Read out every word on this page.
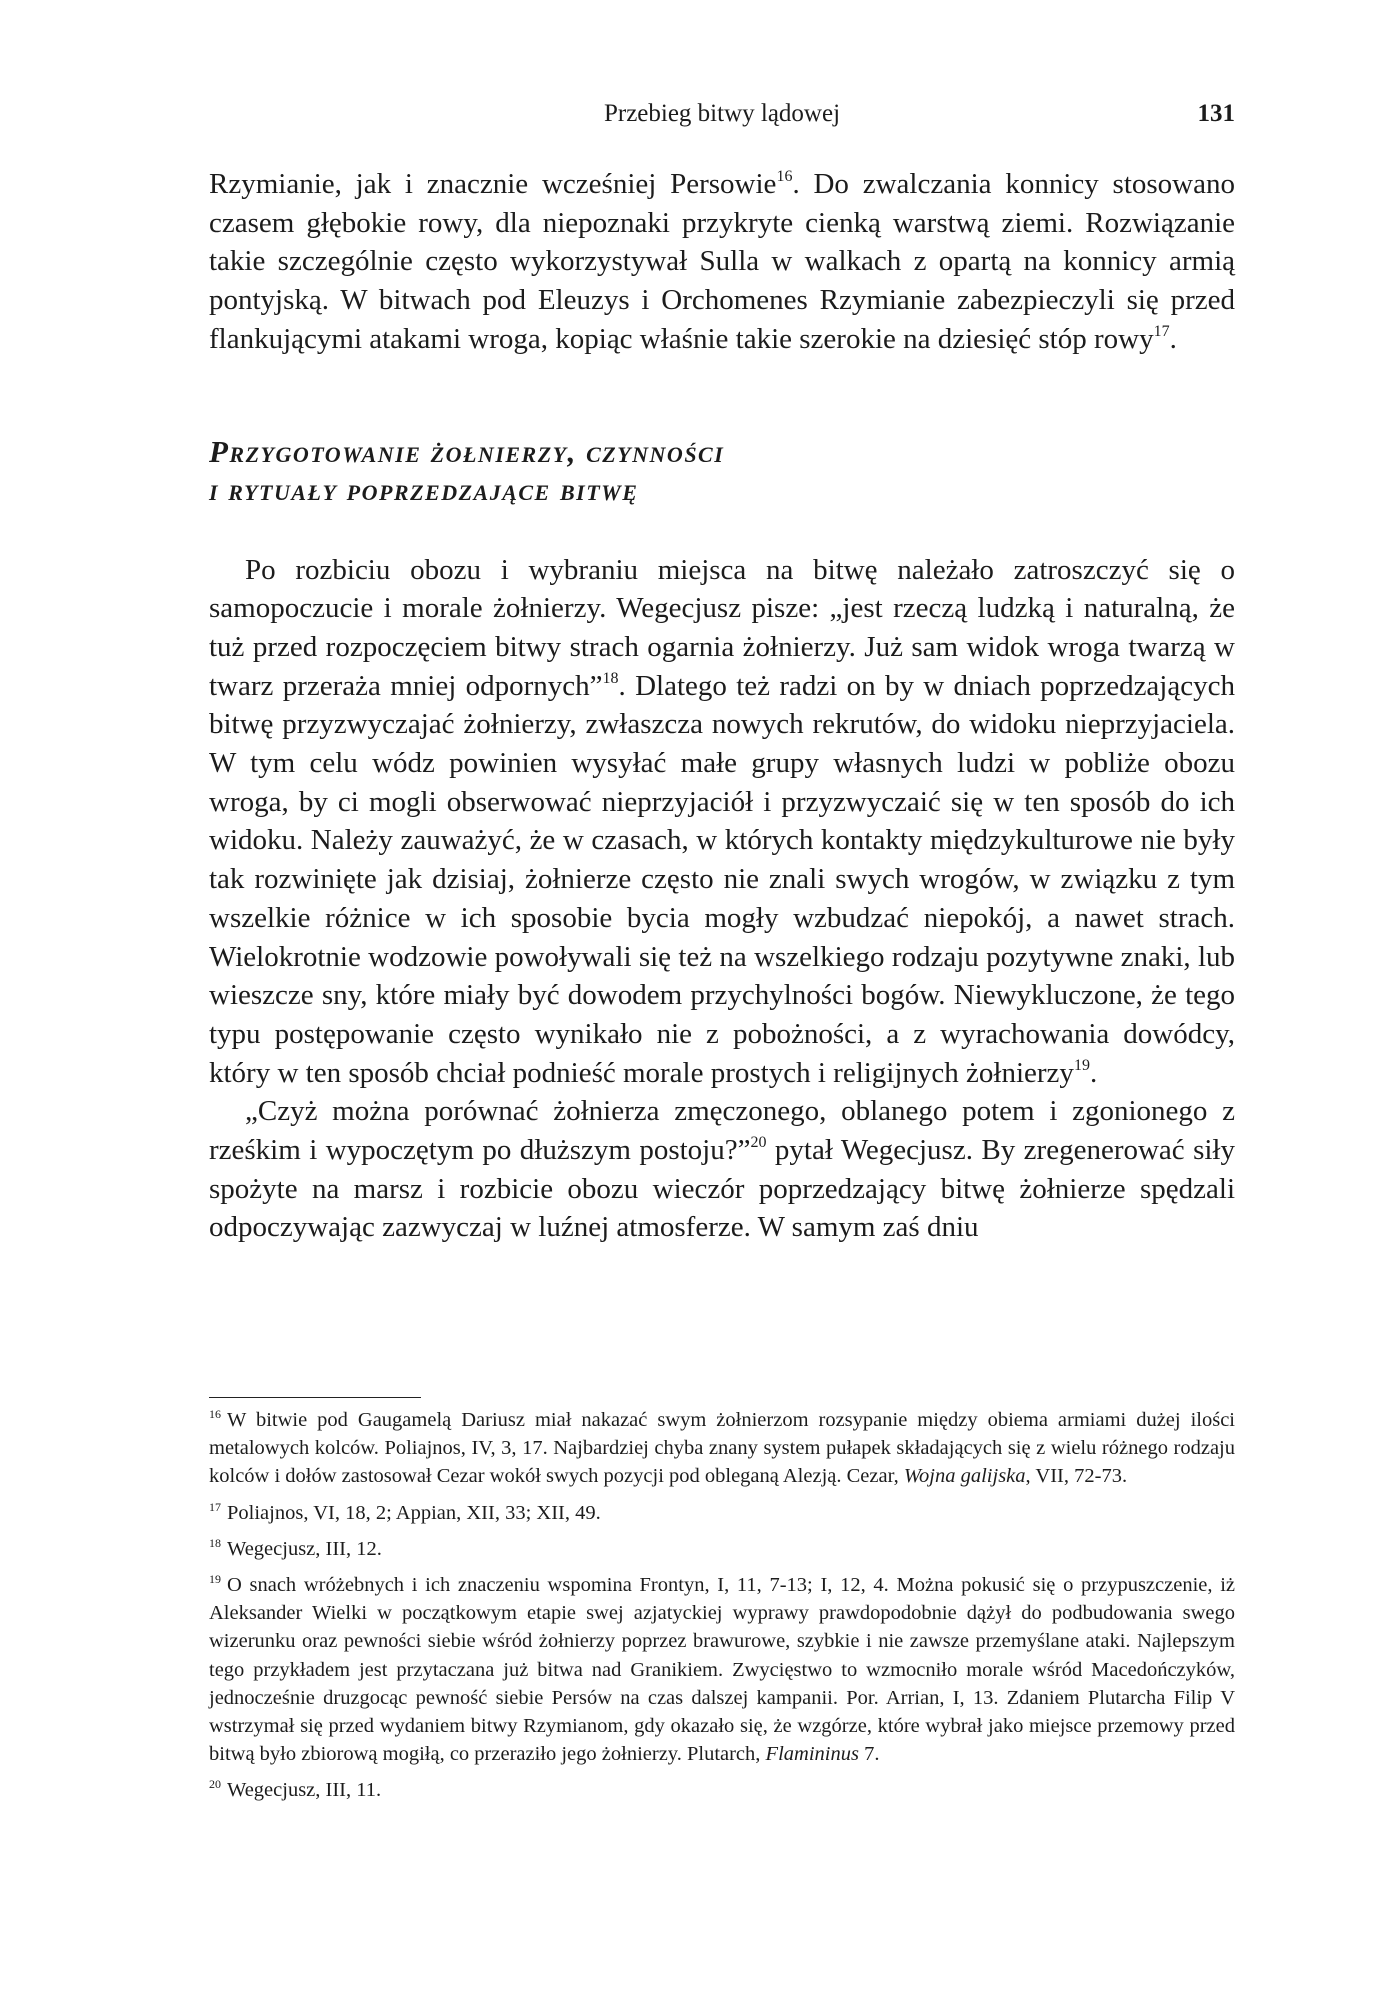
Przebieg bitwy lądowej	131

Rzymianie, jak i znacznie wcześniej Persowie$^{16}$. Do zwalczania konnicy stosowano czasem głębokie rowy, dla niepoznaki przykryte cienką warstwą ziemi. Rozwiązanie takie szczególnie często wykorzystywał Sulla w walkach z opartą na konnicy armią pontyjską. W bitwach pod Eleuzys i Orchomenes Rzymianie zabezpieczyli się przed flankującymi atakami wroga, kopiąc właśnie takie szerokie na dziesięć stóp rowy$^{17}$.

Przygotowanie żołnierzy, czynności
i rytuały poprzedzające bitwę

Po rozbiciu obozu i wybraniu miejsca na bitwę należało zatroszczyć się o samopoczucie i morale żołnierzy. Wegecjusz pisze: „jest rzeczą ludzką i naturalną, że tuż przed rozpoczęciem bitwy strach ogarnia żołnierzy. Już sam widok wroga twarzą w twarz przeraża mniej odpornych”$^{18}$. Dlatego też radzi on by w dniach poprzedzających bitwę przyzwyczajać żołnierzy, zwłaszcza nowych rekrutów, do widoku nieprzyjaciela. W tym celu wódz powinien wysyłać małe grupy własnych ludzi w pobliże obozu wroga, by ci mogli obserwować nieprzyjaciół i przyzwyczaić się w ten sposób do ich widoku. Należy zauważyć, że w czasach, w których kontakty międzykulturowe nie były tak rozwinięte jak dzisiaj, żołnierze często nie znali swych wrogów, w związku z tym wszelkie różnice w ich sposobie bycia mogły wzbudzać niepokój, a nawet strach. Wielokrotnie wodzowie powoływali się też na wszelkiego rodzaju pozytywne znaki, lub wieszcze sny, które miały być dowodem przychylności bogów. Niewykluczone, że tego typu postępowanie często wynikało nie z pobożności, a z wyrachowania dowódcy, który w ten sposób chciał podnieść morale prostych i religijnych żołnierzy$^{19}$.

„Czyż można porównać żołnierza zmęczonego, oblanego potem i zgonionego z rześkim i wypoczętym po dłuższym postoju?”$^{20}$ pytał Wegecjusz. By zregenerować siły spożyte na marsz i rozbicie obozu wieczór poprzedzający bitwę żołnierze spędzali odpoczywając zazwyczaj w luźnej atmosferze. W samym zaś dniu

$^{16}$ W bitwie pod Gaugamelą Dariusz miał nakazać swym żołnierzom rozsypanie między obiema armiami dużej ilości metalowych kolców. Poliajnos, IV, 3, 17. Najbardziej chyba znany system pułapek składających się z wielu różnego rodzaju kolców i dołów zastosował Cezar wokół swych pozycji pod obleganą Alezją. Cezar, Wojna galijska, VII, 72-73.

$^{17}$ Poliajnos, VI, 18, 2; Appian, XII, 33; XII, 49.

$^{18}$ Wegecjusz, III, 12.

$^{19}$ O snach wróżebnych i ich znaczeniu wspomina Frontyn, I, 11, 7-13; I, 12, 4. Można pokusić się o przypuszczenie, iż Aleksander Wielki w początkowym etapie swej azjatyckiej wyprawy prawdopodobnie dążył do podbudowania swego wizerunku oraz pewności siebie wśród żołnierzy poprzez brawurowe, szybkie i nie zawsze przemyślane ataki. Najlepszym tego przykładem jest przytaczana już bitwa nad Granikiem. Zwycięstwo to wzmocniło morale wśród Macedończyków, jednocześnie druzgocąc pewność siebie Persów na czas dalszej kampanii. Por. Arrian, I, 13. Zdaniem Plutarcha Filip V wstrzymał się przed wydaniem bitwy Rzymianom, gdy okazało się, że wzgórze, które wybrał jako miejsce przemowy przed bitwą było zbiorową mogiłą, co przeraziło jego żołnierzy. Plutarch, Flamininus 7.

$^{20}$ Wegecjusz, III, 11.
